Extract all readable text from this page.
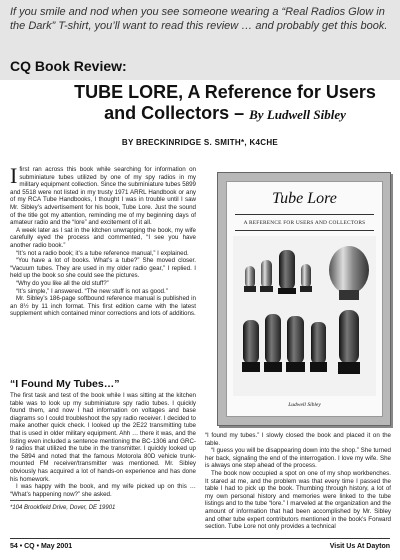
If you smile and nod when you see someone wearing a “Real Radios Glow in the Dark” T-shirt, you’ll want to read this review … and probably get this book.
CQ Book Review:
TUBE LORE, A Reference for Users and Collectors – By Ludwell Sibley
BY BRECKINRIDGE S. SMITH*, K4CHE

Ifirst ran across this book while searching for information on subminiature tubes utilized by one of my spy radios in my military equipment collection. Since the subminiature tubes 5899 and 5518 were not listed in my trusty 1971 ARRL Handbook or any of my RCA Tube Handbooks, I thought I was in trouble until I saw Mr. Sibley’s advertisement for his book, Tube Lore. Just the sound of the title got my attention, reminding me of my beginning days of amateur radio and the “lore” and excitement of it all.

A week later as I sat in the kitchen unwrapping the book, my wife carefully eyed the process and commented, “I see you have another radio book.”

“It’s not a radio book; it’s a tube reference manual,” I explained.

“You have a lot of books. What’s a tube?” She moved closer. “Vacuum tubes. They are used in my older radio gear,” I replied. I held up the book so she could see the pictures.

“Why do you like all the old stuff?”

“It’s simple,” I answered. “The new stuff is not as good.”

Mr. Sibley’s 186-page softbound reference manual is published in an 8½ by 11 inch format. This first edition came with the latest supplement which contained minor corrections and lots of additions.

“I Found My Tubes…”

The first task and test of the book while I was sitting at the kitchen table was to look up my subminiature spy radio tubes. I quickly found them, and now I had information on voltages and base diagrams so I could troubleshoot the spy radio receiver. I decided to make another quick check. I looked up the 2E22 transmitting tube that is used in older military equipment. Ahh … there it was, and the listing even included a sentence mentioning the BC-1306 and GRC-9 radios that utilized the tube in the transmitter. I quickly looked up the 5894 and noted that the famous Motorola 80D vehicle trunk-mounted FM receiver/transmitter was mentioned. Mr. Sibley obviously has acquired a lot of hands-on experience and has done his homework.

I was happy with the book, and my wife picked up on this … “What’s happening now?” she asked.

*104 Brookfield Drive, Dover, DE 19901
Tube Lore
A REFERENCE FOR USERS AND COLLECTORS
Ludwell Sibley

“I found my tubes.” I slowly closed the book and placed it on the table.

“I guess you will be disappearing down into the shop.” She turned her back, signaling the end of the interrogation. I love my wife. She is always one step ahead of the process.

The book now occupied a spot on one of my shop workbenches. It stared at me, and the problem was that every time I passed the table I had to pick up the book. Thumbing through history, a lot of my own personal history and memories were linked to the tube listings and to the tube “lore.” I marveled at the organization and the amount of information that had been accomplished by Mr. Sibley and other tube expert contributors mentioned in the book’s Forward section. Tube Lore not only provides a technical

54 • CQ • May 2001	Visit Us At Dayton
